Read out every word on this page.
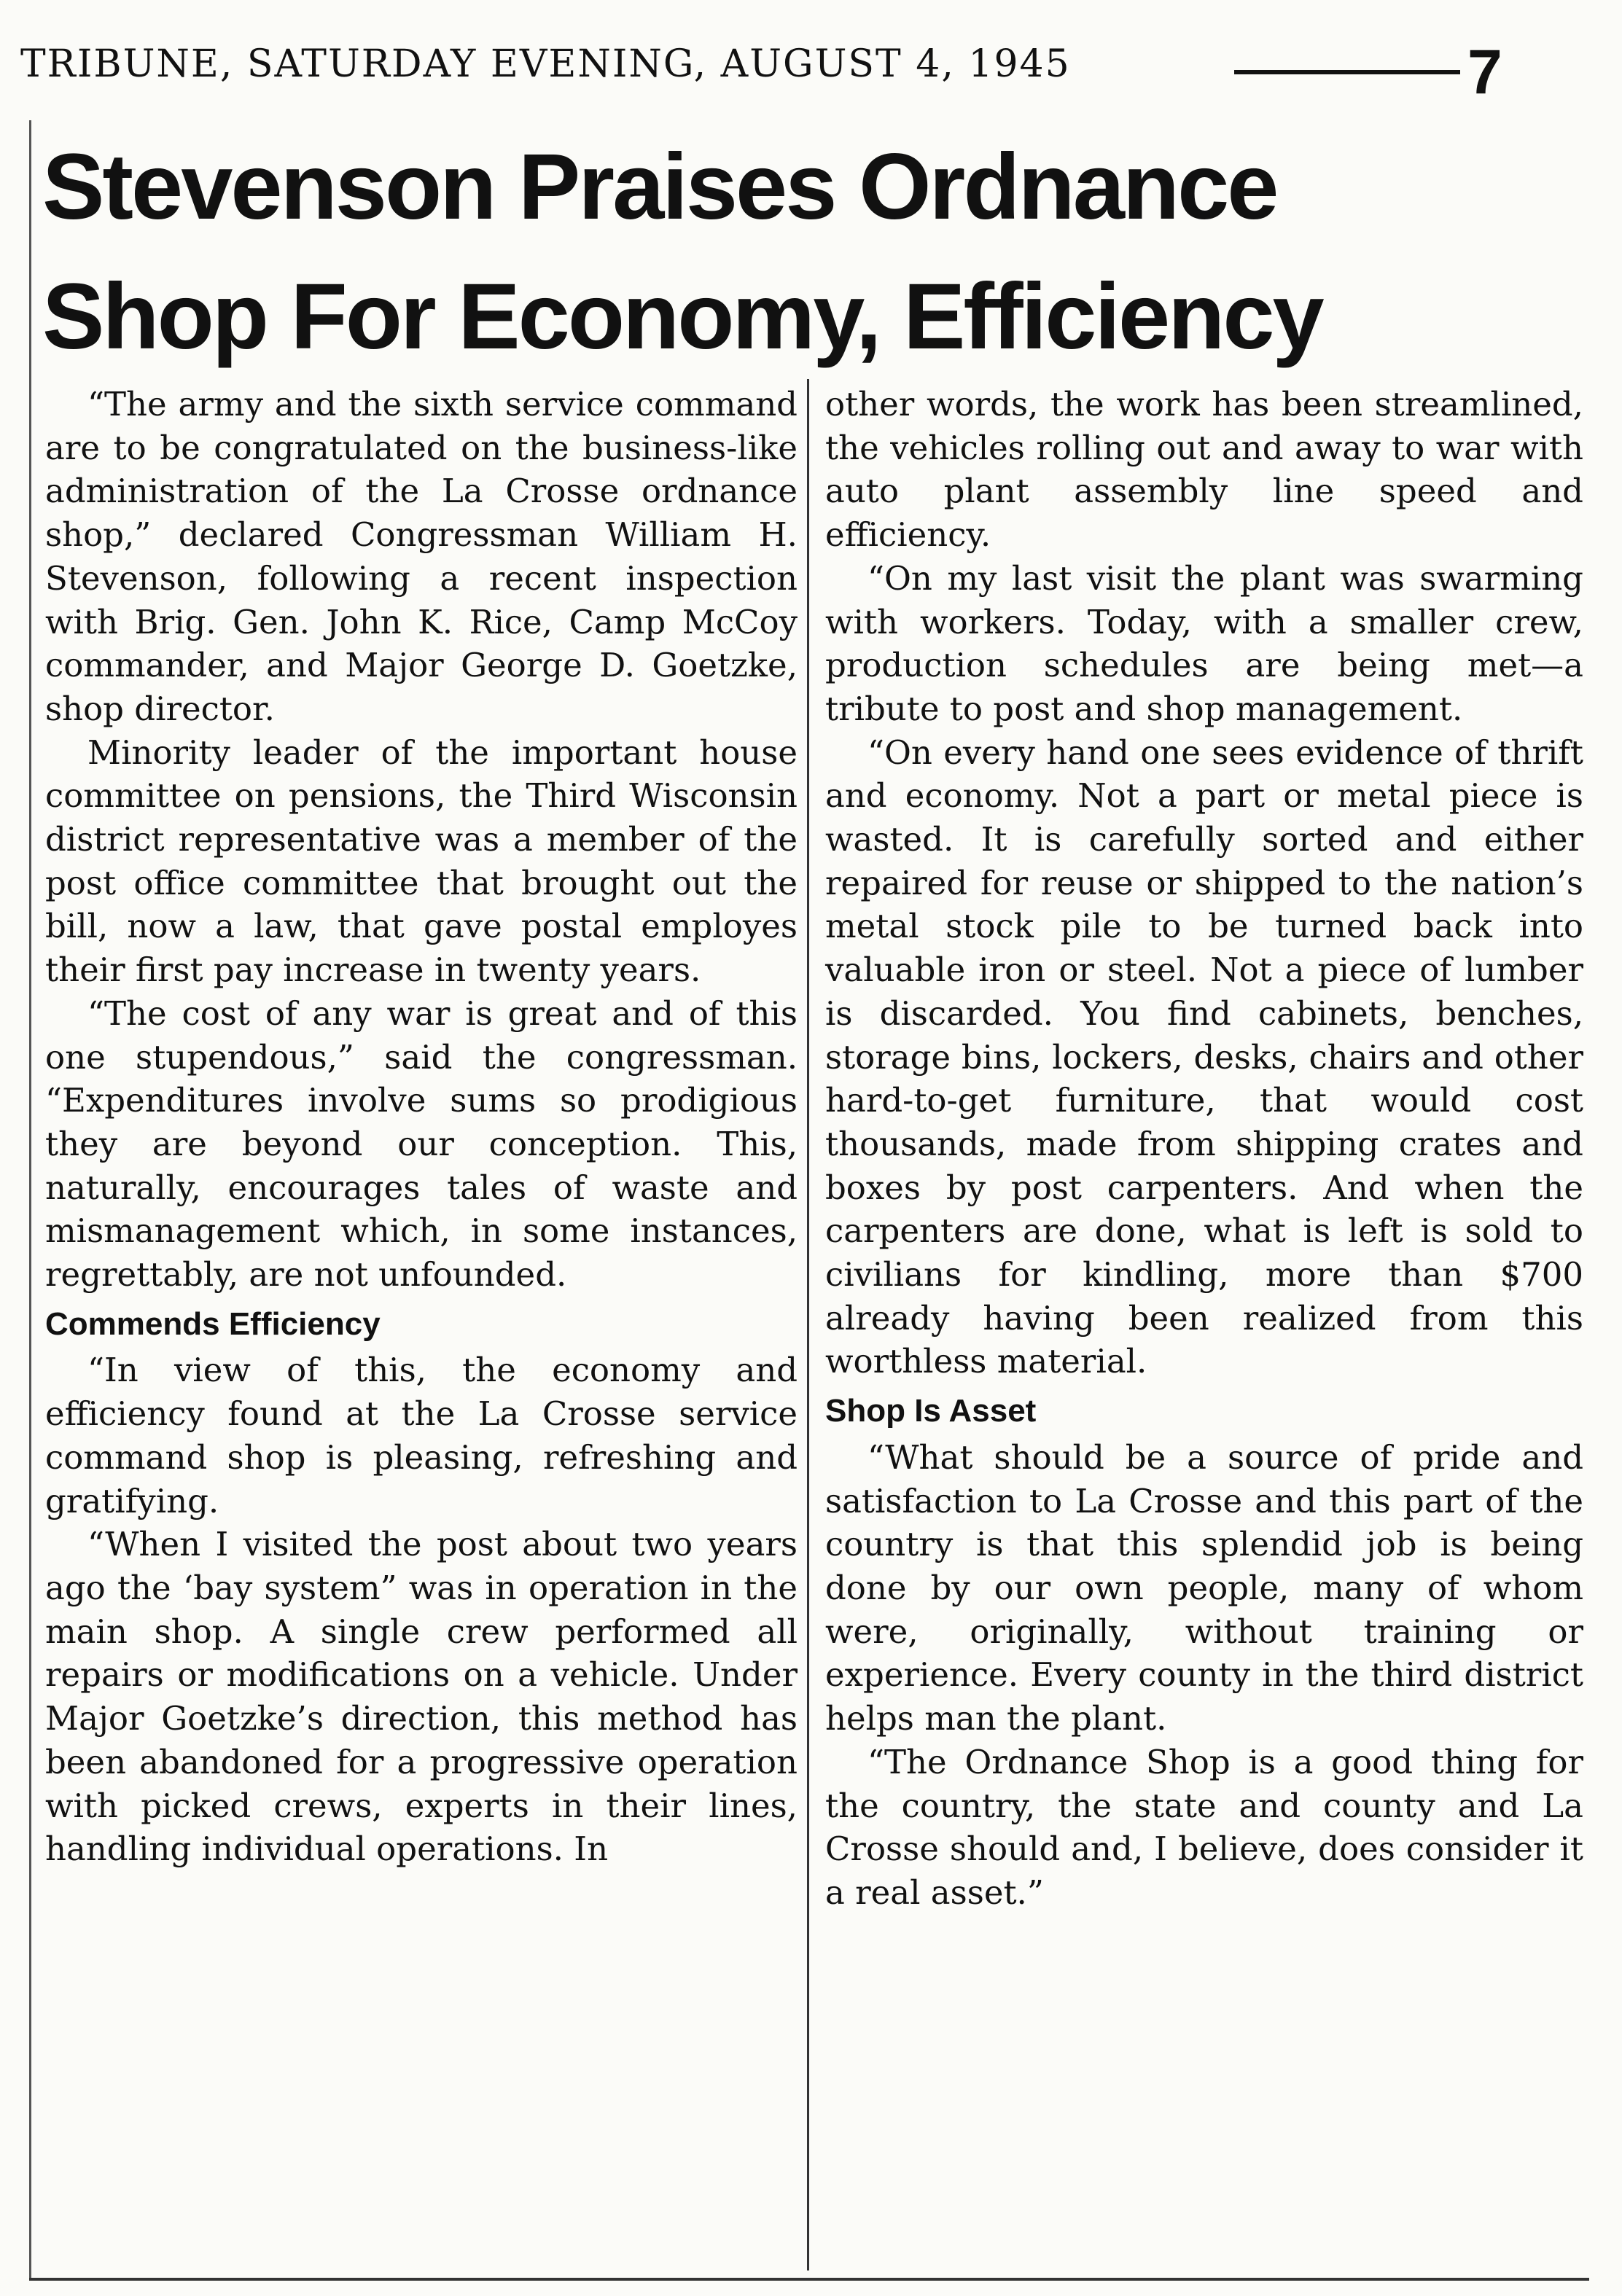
TRIBUNE, SATURDAY EVENING, AUGUST 4, 1945	7
Stevenson Praises Ordnance
Shop For Economy, Efficiency

“The army and the sixth service command are to be congratulated on the business-like administration of the La Crosse ordnance shop,” declared Congressman William H. Stevenson, following a recent inspection with Brig. Gen. John K. Rice, Camp McCoy commander, and Major George D. Goetzke, shop director.

Minority leader of the important house committee on pensions, the Third Wisconsin district representative was a member of the post office committee that brought out the bill, now a law, that gave postal employes their first pay increase in twenty years.

“The cost of any war is great and of this one stupendous,” said the congressman. “Expenditures involve sums so prodigious they are beyond our conception. This, naturally, encourages tales of waste and mismanagement which, in some instances, regrettably, are not unfounded.

Commends Efficiency

“In view of this, the economy and efficiency found at the La Crosse service command shop is pleasing, refreshing and gratifying.

“When I visited the post about two years ago the ‘bay system” was in operation in the main shop. A single crew performed all repairs or modifications on a vehicle. Under Major Goetzke’s direction, this method has been abandoned for a progressive operation with picked crews, experts in their lines, handling individual operations. In

other words, the work has been streamlined, the vehicles rolling out and away to war with auto plant assembly line speed and efficiency.

“On my last visit the plant was swarming with workers. Today, with a smaller crew, production schedules are being met—a tribute to post and shop management.

“On every hand one sees evidence of thrift and economy. Not a part or metal piece is wasted. It is carefully sorted and either repaired for reuse or shipped to the nation’s metal stock pile to be turned back into valuable iron or steel. Not a piece of lumber is discarded. You find cabinets, benches, storage bins, lockers, desks, chairs and other hard-to-get furniture, that would cost thousands, made from shipping crates and boxes by post carpenters. And when the carpenters are done, what is left is sold to civilians for kindling, more than $700 already having been realized from this worthless material.

Shop Is Asset

“What should be a source of pride and satisfaction to La Crosse and this part of the country is that this splendid job is being done by our own people, many of whom were, originally, without training or experience. Every county in the third district helps man the plant.

“The Ordnance Shop is a good thing for the country, the state and county and La Crosse should and, I believe, does consider it a real asset.”
